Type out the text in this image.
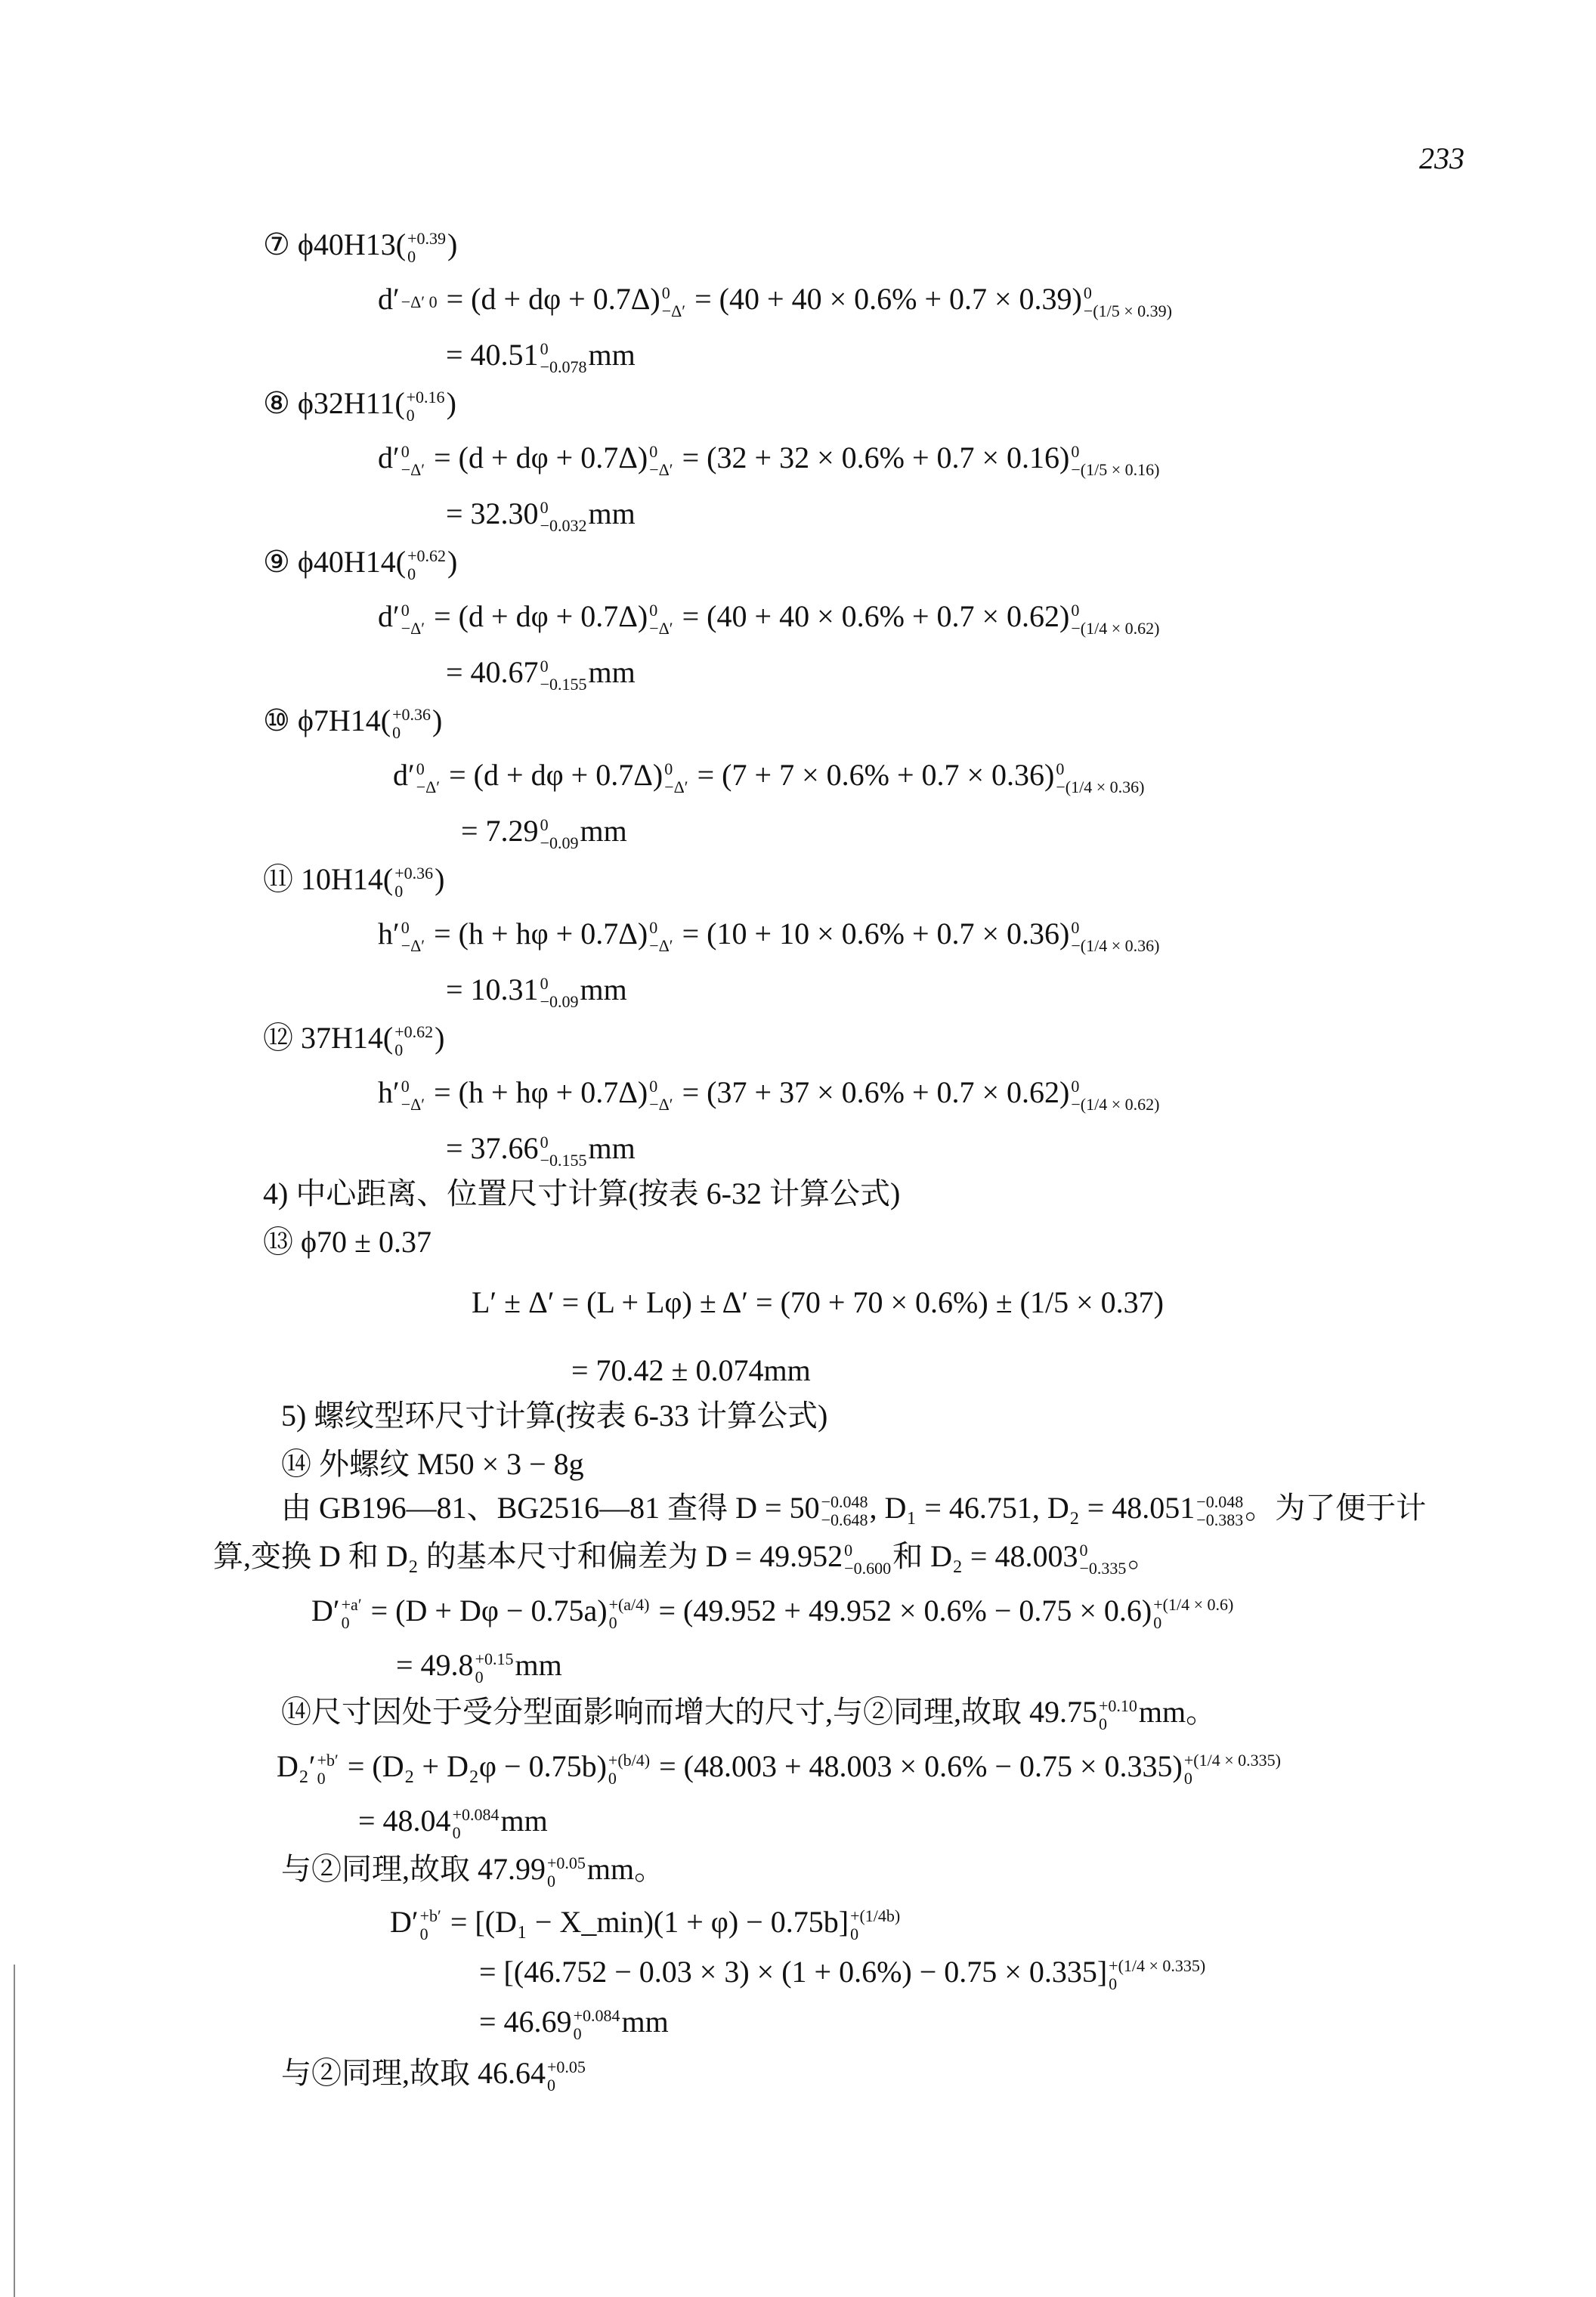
233
⑦ ϕ40H13( +0.39
0	)
d′ −Δ′ 0 = (d + dφ + 0.7Δ) 0
−Δ′ = (40 + 40 × 0.6% + 0.7 × 0.39) 0
−(1/5 × 0.39)
= 40.51 0
−0.078 mm
⑧ ϕ32H11( +0.16
0	)
d′ 0
−Δ′ = (d + dφ + 0.7Δ) 0
−Δ′ = (32 + 32 × 0.6% + 0.7 × 0.16) 0
−(1/5 × 0.16)
= 32.30 0
−0.032 mm
⑨ ϕ40H14( +0.62
0	)
d′ 0
−Δ′ = (d + dφ + 0.7Δ) 0
−Δ′ = (40 + 40 × 0.6% + 0.7 × 0.62) 0
−(1/4 × 0.62)
= 40.67 0
−0.155 mm
⑩ ϕ7H14( +0.36
0	)
d′ 0
−Δ′ = (d + dφ + 0.7Δ) 0
−Δ′ = (7 + 7 × 0.6% + 0.7 × 0.36) 0
−(1/4 × 0.36)
= 7.29 0
−0.09 mm
⑪ 10H14( +0.36
0	)
h′ 0
−Δ′ = (h + hφ + 0.7Δ) 0
−Δ′ = (10 + 10 × 0.6% + 0.7 × 0.36) 0
−(1/4 × 0.36)
= 10.31 0
−0.09 mm
⑫ 37H14( +0.62
0	)
h′ 0
−Δ′ = (h + hφ + 0.7Δ) 0
−Δ′ = (37 + 37 × 0.6% + 0.7 × 0.62) 0
−(1/4 × 0.62)
= 37.66 0
−0.155 mm
4) 中心距离、位置尺寸计算(按表 6-32 计算公式)
⑬ ϕ70 ± 0.37
L′ ± Δ′ = (L + Lφ) ± Δ′ = (70 + 70 × 0.6%) ± (1/5 × 0.37)
= 70.42 ± 0.074mm
5) 螺纹型环尺寸计算(按表 6-33 计算公式)
⑭ 外螺纹 M50 × 3 − 8g
由 GB196—81、BG2516—81 查得 D = 50 −0.048
−0.648 , D₁ = 46.751, D₂ = 48.051 −0.048
−0.383 。为了便于计
算,变换 D 和 D₂ 的基本尺寸和偏差为 D = 49.952 0
−0.600 和 D₂ = 48.003 0
−0.335 。
D′ +a′
0 = (D + Dφ − 0.75a) +(a/4)
0	= (49.952 + 49.952 × 0.6% − 0.75 × 0.6) +(1/4 × 0.6)
0
= 49.8 +0.15
0	mm
⑭尺寸因处于受分型面影响而增大的尺寸,与②同理,故取 49.75 +0.10
0	mm。
D₂′ +b′
0 = (D₂ + D₂φ − 0.75b) +(b/4)
0	= (48.003 + 48.003 × 0.6% − 0.75 × 0.335) +(1/4 × 0.335)
0
= 48.04 +0.084
0	mm
与②同理,故取 47.99 +0.05
0	mm。
D′ +b′
0 = [(D₁ − X_min)(1 + φ) − 0.75b] +(1/4b)
0
= [(46.752 − 0.03 × 3) × (1 + 0.6%) − 0.75 × 0.335] +(1/4 × 0.335)
0
= 46.69 +0.084
0	mm
与②同理,故取 46.64 +0.05
0
